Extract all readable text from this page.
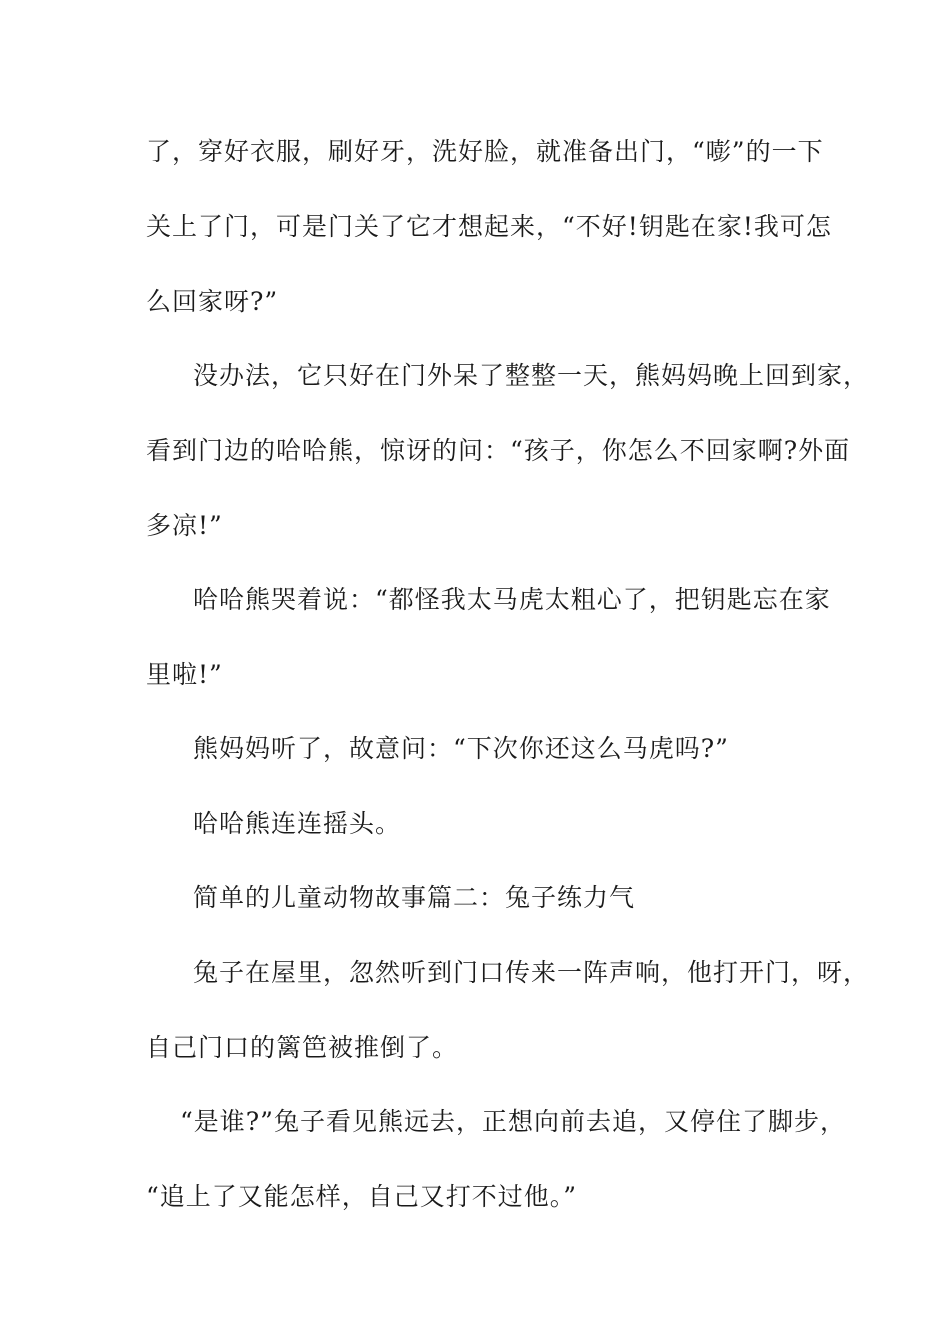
了，穿好衣服，刷好牙，洗好脸，就准备出门，“嘭”的一下
关上了门，可是门关了它才想起来，“不好!钥匙在家!我可怎
么回家呀?”
没办法，它只好在门外呆了整整一天，熊妈妈晚上回到家，
看到门边的哈哈熊，惊讶的问：“孩子，你怎么不回家啊?外面
多凉!”
哈哈熊哭着说：“都怪我太马虎太粗心了，把钥匙忘在家
里啦!”
熊妈妈听了，故意问：“下次你还这么马虎吗?”
哈哈熊连连摇头。
简单的儿童动物故事篇二：兔子练力气
兔子在屋里，忽然听到门口传来一阵声响，他打开门，呀，
自己门口的篱笆被推倒了。
“是谁?”兔子看见熊远去，正想向前去追，又停住了脚步，
“追上了又能怎样，自己又打不过他。”
